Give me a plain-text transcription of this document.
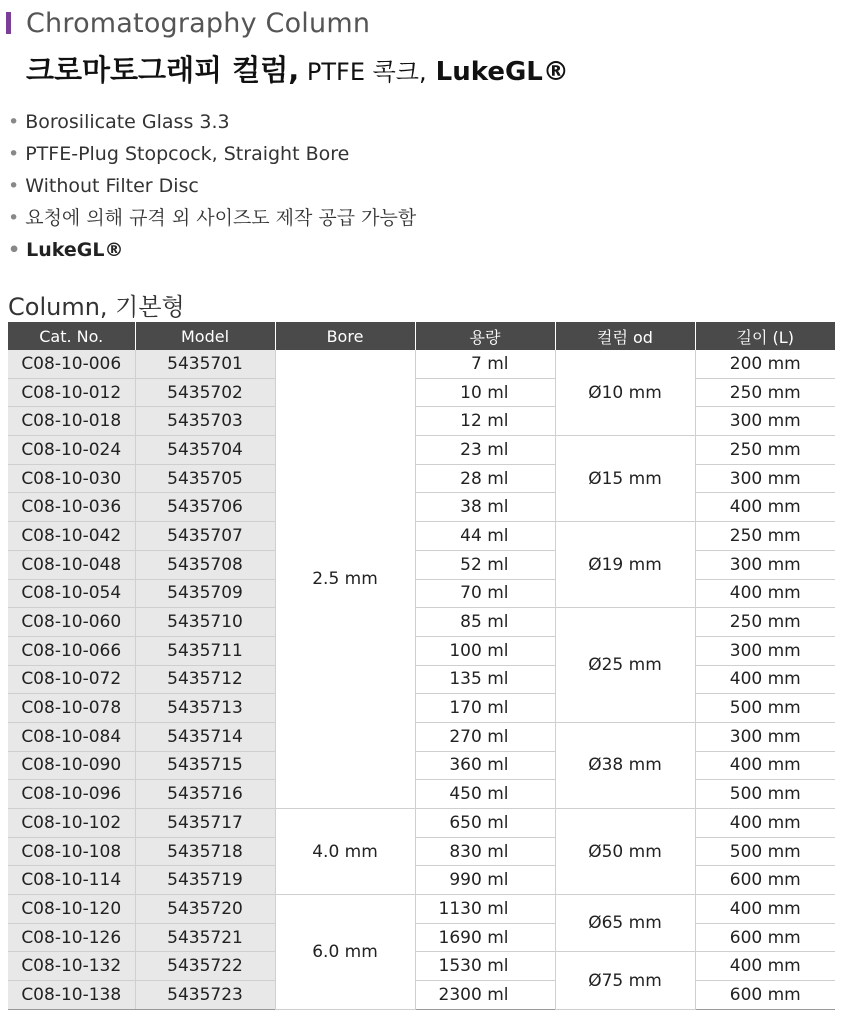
Chromatography Column
크로마토그래피 컬럼, PTFE 콕크, LukeGL®
• Borosilicate Glass 3.3
• PTFE-Plug Stopcock, Straight Bore
• Without Filter Disc
• 요청에 의해 규격 외 사이즈도 제작 공급 가능함
• LukeGL®
Column, 기본형
Cat. No.	Model	Bore	용량	컬럼 od	길이 (L)
C08-10-006	5435701	2.5 mm	7 ml	Ø10 mm	200 mm
C08-10-012	5435702		10 ml		250 mm
C08-10-018	5435703		12 ml		300 mm
C08-10-024	5435704		23 ml	Ø15 mm	250 mm
C08-10-030	5435705		28 ml		300 mm
C08-10-036	5435706		38 ml		400 mm
C08-10-042	5435707		44 ml	Ø19 mm	250 mm
C08-10-048	5435708		52 ml		300 mm
C08-10-054	5435709		70 ml		400 mm
C08-10-060	5435710		85 ml	Ø25 mm	250 mm
C08-10-066	5435711		100 ml		300 mm
C08-10-072	5435712		135 ml		400 mm
C08-10-078	5435713		170 ml		500 mm
C08-10-084	5435714		270 ml	Ø38 mm	300 mm
C08-10-090	5435715		360 ml		400 mm
C08-10-096	5435716		450 ml		500 mm
C08-10-102	5435717	4.0 mm	650 ml	Ø50 mm	400 mm
C08-10-108	5435718		830 ml		500 mm
C08-10-114	5435719		990 ml		600 mm
C08-10-120	5435720	6.0 mm	1130 ml	Ø65 mm	400 mm
C08-10-126	5435721		1690 ml		600 mm
C08-10-132	5435722		1530 ml	Ø75 mm	400 mm
C08-10-138	5435723		2300 ml		600 mm
